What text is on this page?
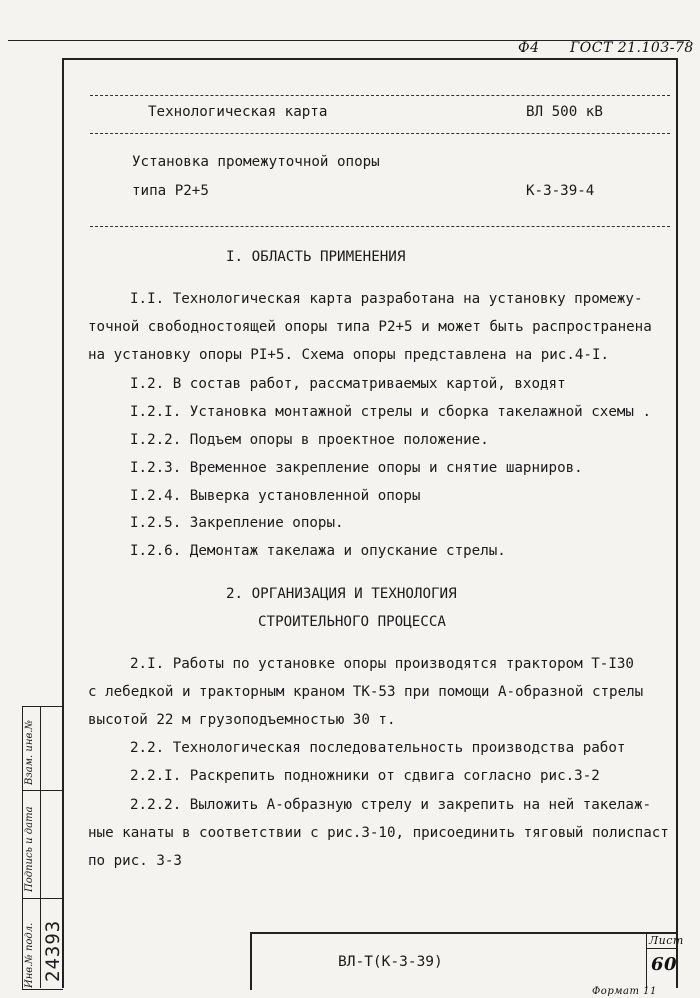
Ф4 ГОСТ 21.103-78
Технологическая карта	ВЛ 500 кВ
Установка промежуточной опоры
типа Р2+5	К-3-39-4
I. ОБЛАСТЬ ПРИМЕНЕНИЯ
I.I. Технологическая карта разработана на установку промежу-
точной свободностоящей опоры типа Р2+5 и может быть распространена
на установку опоры PI+5. Схема опоры представлена на рис.4-I.
I.2. В состав работ, рассматриваемых картой, входят
I.2.I. Установка монтажной стрелы и сборка такелажной схемы .
I.2.2. Подъем опоры в проектное положение.
I.2.3. Временное закрепление опоры и снятие шарниров.
I.2.4. Выверка установленной опоры
I.2.5. Закрепление опоры.
I.2.6. Демонтаж такелажа и опускание стрелы.
2. ОРГАНИЗАЦИЯ И ТЕХНОЛОГИЯ
СТРОИТЕЛЬНОГО ПРОЦЕССА
2.I. Работы по установке опоры производятся трактором Т-I30
с лебедкой и тракторным краном ТК-53 при помощи А-образной стрелы
высотой 22 м грузоподъемностью 30 т.
2.2. Технологическая последовательность производства работ
2.2.I. Раскрепить подножники от сдвига согласно рис.3-2
2.2.2. Выложить А-образную стрелу и закрепить на ней такелаж-
ные канаты в соответствии с рис.3-10, присоединить тяговый полиспаст
по рис. 3-3
Инв.№ подл. 24393
Подпись и дата
Взам. инв.№
ВЛ-Т(К-3-39)
Лист
60
Формат 11
